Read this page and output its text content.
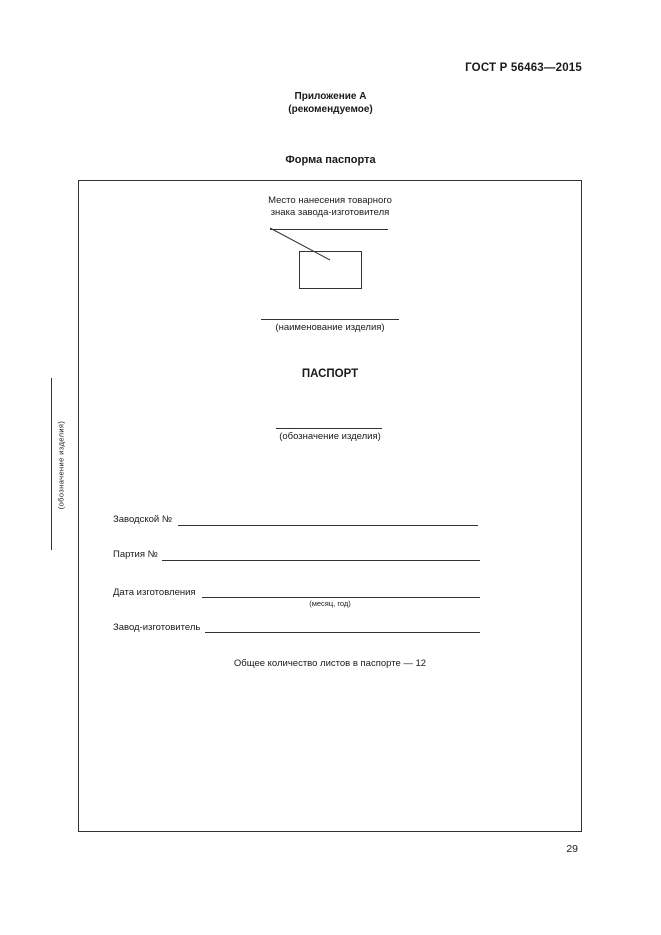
ГОСТ Р 56463—2015
Приложение А
(рекомендуемое)
Форма паспорта
(обозначение изделия)
Место нанесения товарного
знака завода-изготовителя
(наименование изделия)
ПАСПОРТ
(обозначение изделия)
Заводской №
Партия №
Дата изготовления
(месяц, год)
Завод-изготовитель
Общее количество листов в паспорте — 12
29
